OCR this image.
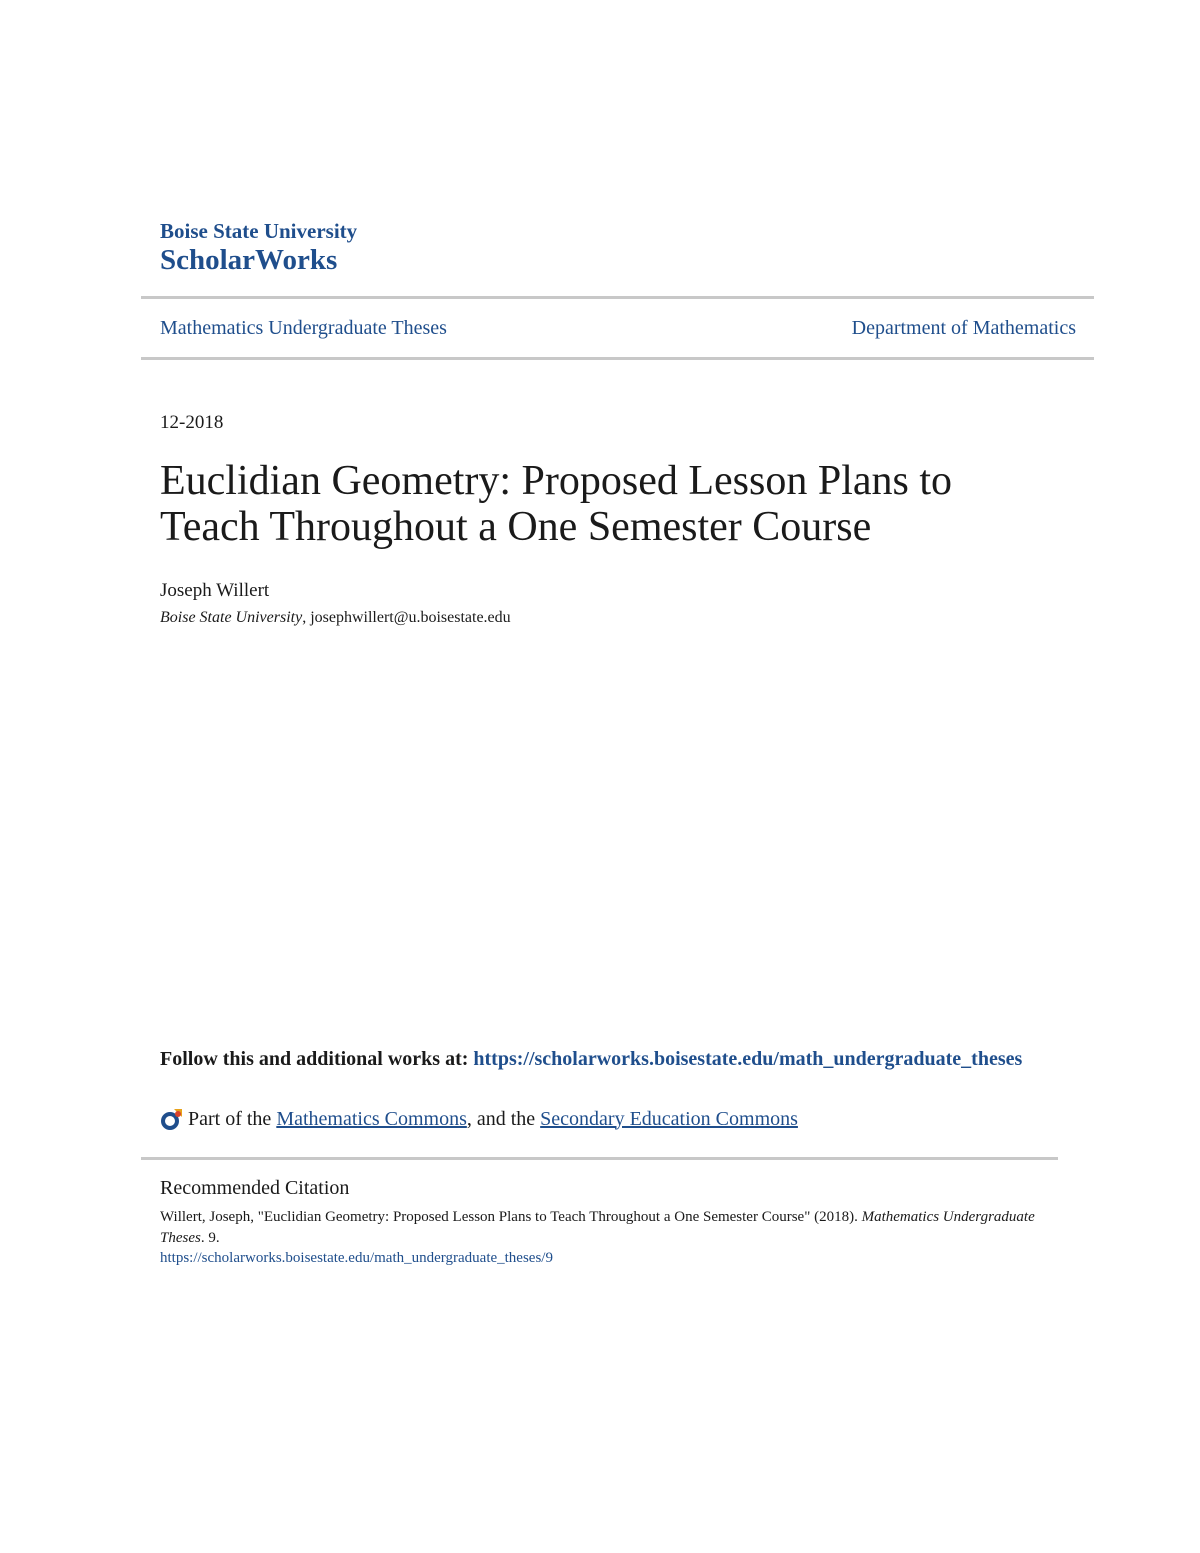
Boise State University
ScholarWorks
Mathematics Undergraduate Theses	Department of Mathematics
12-2018
Euclidian Geometry: Proposed Lesson Plans to Teach Throughout a One Semester Course
Joseph Willert
Boise State University, josephwillert@u.boisestate.edu
Follow this and additional works at: https://scholarworks.boisestate.edu/math_undergraduate_theses
Part of the
Mathematics Commons , and the
Secondary Education Commons
Recommended Citation
Willert, Joseph, "Euclidian Geometry: Proposed Lesson Plans to Teach Throughout a One Semester Course" (2018). Mathematics Undergraduate Theses. 9.
https://scholarworks.boisestate.edu/math_undergraduate_theses/9
